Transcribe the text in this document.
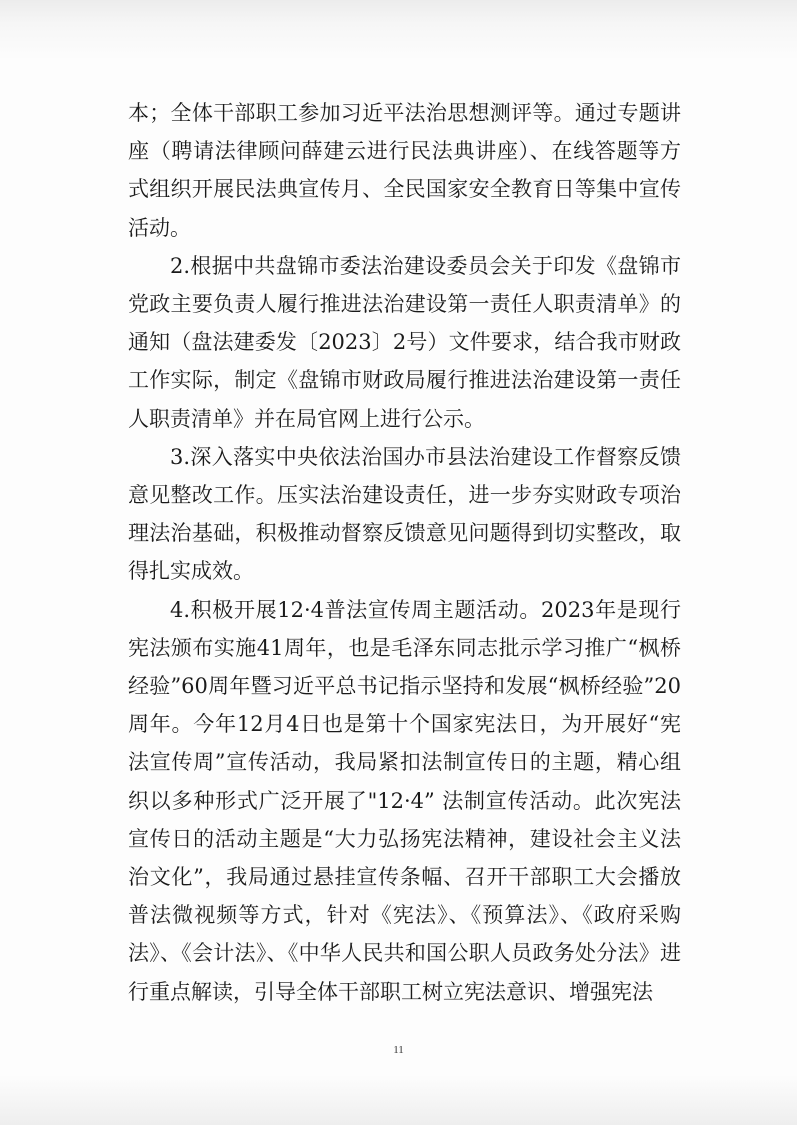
本；全体干部职工参加习近平法治思想测评等。通过专题讲座（聘请法律顾问薛建云进行民法典讲座）、在线答题等方式组织开展民法典宣传月、全民国家安全教育日等集中宣传活动。

2.根据中共盘锦市委法治建设委员会关于印发《盘锦市党政主要负责人履行推进法治建设第一责任人职责清单》的通知（盘法建委发〔2023〕2号）文件要求，结合我市财政工作实际，制定《盘锦市财政局履行推进法治建设第一责任人职责清单》并在局官网上进行公示。

3.深入落实中央依法治国办市县法治建设工作督察反馈意见整改工作。压实法治建设责任，进一步夯实财政专项治理法治基础，积极推动督察反馈意见问题得到切实整改，取得扎实成效。

4.积极开展12·4普法宣传周主题活动。2023年是现行宪法颁布实施41周年，也是毛泽东同志批示学习推广“枫桥经验”60周年暨习近平总书记指示坚持和发展“枫桥经验”20周年。今年12月4日也是第十个国家宪法日，为开展好“宪法宣传周”宣传活动，我局紧扣法制宣传日的主题，精心组织以多种形式广泛开展了"12·4” 法制宣传活动。此次宪法宣传日的活动主题是“大力弘扬宪法精神，建设社会主义法治文化”，我局通过悬挂宣传条幅、召开干部职工大会播放普法微视频等方式，针对《宪法》、《预算法》、《政府采购法》、《会计法》、《中华人民共和国公职人员政务处分法》进行重点解读，引导全体干部职工树立宪法意识、增强宪法

11
